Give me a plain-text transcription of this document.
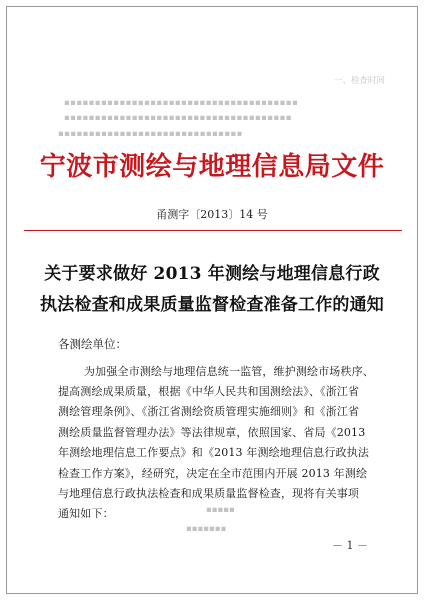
一、检查时间
▪▪▪▪▪▪▪▪▪▪▪▪▪▪▪▪▪▪▪▪▪▪▪▪▪▪▪▪▪▪▪▪▪▪▪▪▪▪
▪▪▪▪▪▪▪▪▪▪▪▪▪▪▪▪▪▪▪▪▪▪▪▪▪▪▪▪▪▪▪▪▪▪▪▪▪
▪▪▪▪▪▪▪▪▪▪▪▪▪▪▪▪▪▪▪▪▪▪▪▪▪▪▪▪▪▪
▪▪▪▪▪
▪▪▪▪▪▪▪
宁波市测绘与地理信息局文件
甬测字〔2013〕14 号
关于要求做好 2013 年测绘与地理信息行政
执法检查和成果质量监督检查准备工作的通知
各测绘单位：
为加强全市测绘与地理信息统一监管，维护测绘市场秩序、
提高测绘成果质量，根据《中华人民共和国测绘法》、《浙江省
测绘管理条例》、《浙江省测绘资质管理实施细则》和《浙江省
测绘质量监督管理办法》等法律规章，依照国家、省局《2013
年测绘地理信息工作要点》和《2013 年测绘地理信息行政执法
检查工作方案》，经研究，决定在全市范围内开展 2013 年测绘
与地理信息行政执法检查和成果质量监督检查，现将有关事项
通知如下：
－ 1 －
